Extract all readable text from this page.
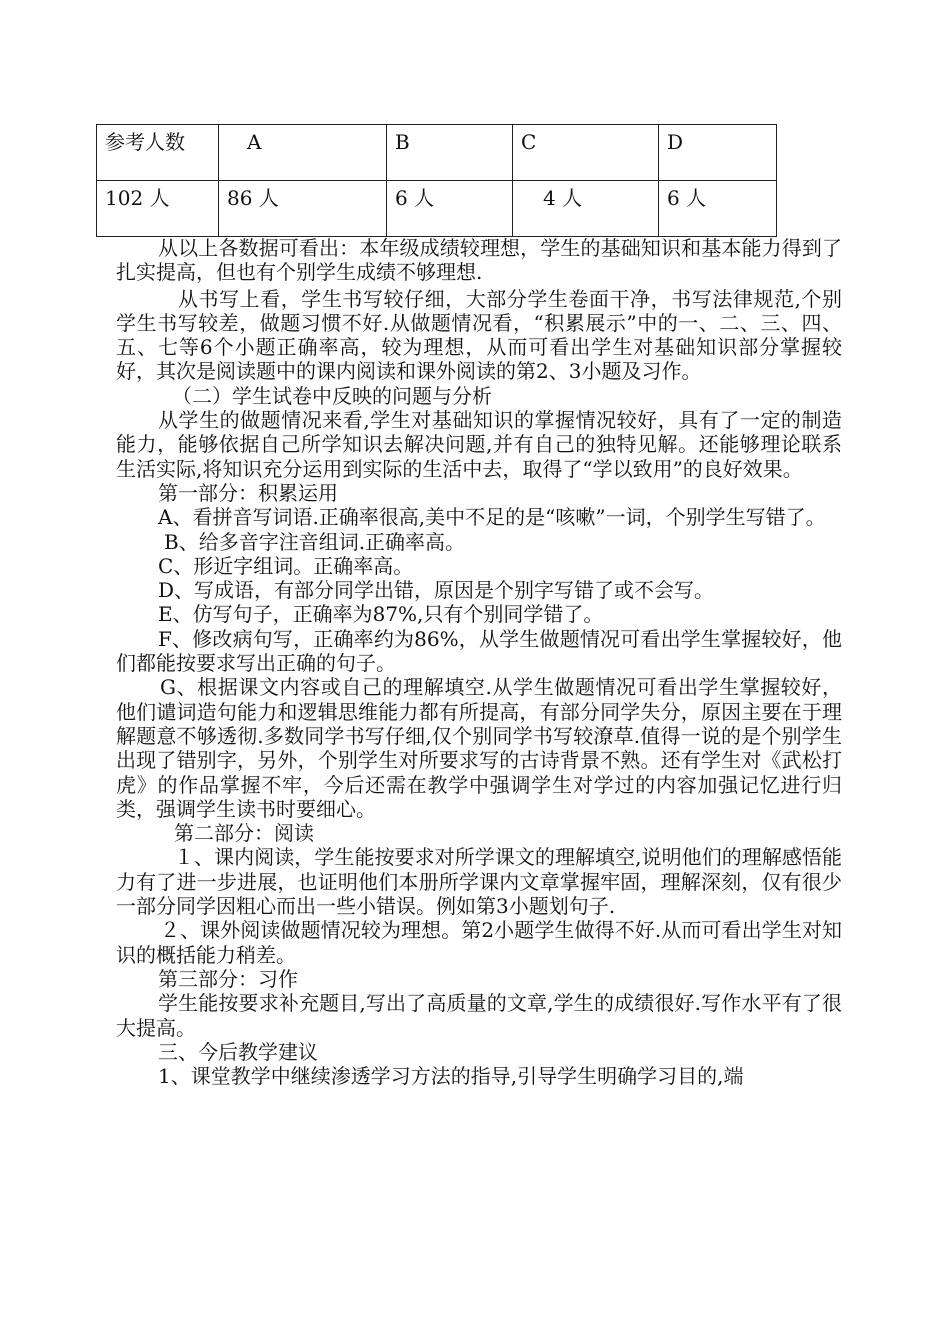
参考人数	A	B	C	D
102 人	86 人	6 人	4 人	6 人

从以上各数据可看出：本年级成绩较理想，学生的基础知识和基本能力得到了扎实提高，但也有个别学生成绩不够理想.

从书写上看，学生书写较仔细，大部分学生卷面干净，书写法律规范,个别学生书写较差，做题习惯不好.从做题情况看，“积累展示”中的一、二、三、四、五、七等6个小题正确率高，较为理想，从而可看出学生对基础知识部分掌握较好，其次是阅读题中的课内阅读和课外阅读的第2、3小题及习作。

（二）学生试卷中反映的问题与分析

从学生的做题情况来看,学生对基础知识的掌握情况较好，具有了一定的制造能力，能够依据自己所学知识去解决问题,并有自己的独特见解。还能够理论联系生活实际,将知识充分运用到实际的生活中去，取得了“学以致用”的良好效果。

第一部分：积累运用

A、看拼音写词语.正确率很高,美中不足的是“咳嗽”一词，个别学生写错了。

B、给多音字注音组词.正确率高。

C、形近字组词。正确率高。

D、写成语，有部分同学出错，原因是个别字写错了或不会写。

E、仿写句子，正确率为87%,只有个别同学错了。

F、修改病句写，正确率约为86%，从学生做题情况可看出学生掌握较好，他们都能按要求写出正确的句子。

G、根据课文内容或自己的理解填空.从学生做题情况可看出学生掌握较好，他们谴词造句能力和逻辑思维能力都有所提高，有部分同学失分，原因主要在于理解题意不够透彻.多数同学书写仔细,仅个别同学书写较潦草.值得一说的是个别学生出现了错别字，另外，个别学生对所要求写的古诗背景不熟。还有学生对《武松打虎》的作品掌握不牢，今后还需在教学中强调学生对学过的内容加强记忆进行归类，强调学生读书时要细心。

第二部分：阅读

１、课内阅读，学生能按要求对所学课文的理解填空,说明他们的理解感悟能力有了进一步进展，也证明他们本册所学课内文章掌握牢固，理解深刻，仅有很少一部分同学因粗心而出一些小错误。例如第3小题划句子.

２、课外阅读做题情况较为理想。第2小题学生做得不好.从而可看出学生对知识的概括能力稍差。

第三部分：习作

学生能按要求补充题目,写出了高质量的文章,学生的成绩很好.写作水平有了很大提高。

三、今后教学建议

1、课堂教学中继续渗透学习方法的指导,引导学生明确学习目的,端
